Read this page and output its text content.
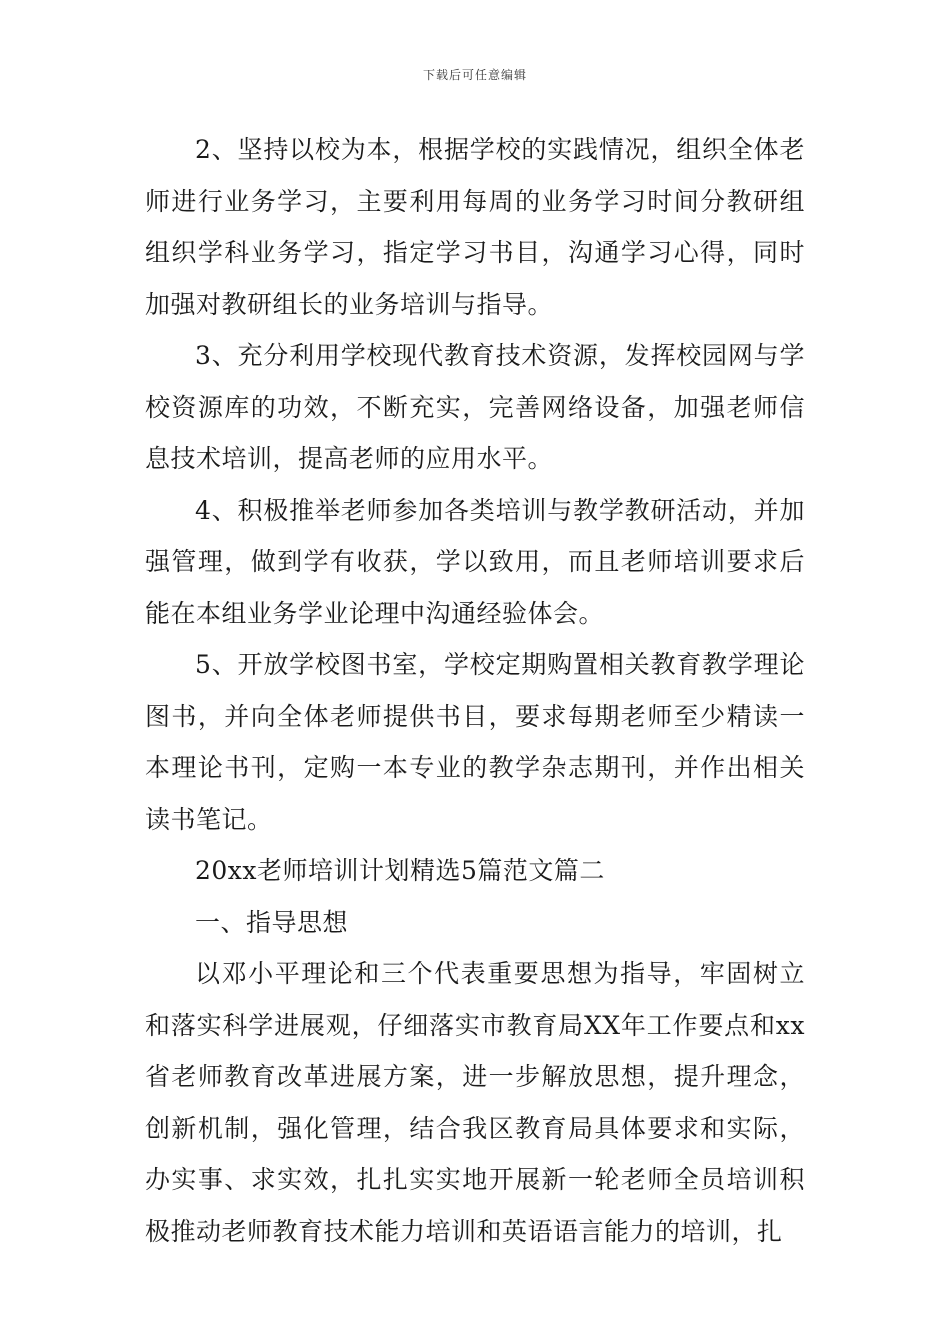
下载后可任意编辑

2、坚持以校为本，根据学校的实践情况，组织全体老师进行业务学习，主要利用每周的业务学习时间分教研组组织学科业务学习，指定学习书目，沟通学习心得，同时加强对教研组长的业务培训与指导。

3、充分利用学校现代教育技术资源，发挥校园网与学校资源库的功效，不断充实，完善网络设备，加强老师信息技术培训，提高老师的应用水平。

4、积极推举老师参加各类培训与教学教研活动，并加强管理，做到学有收获，学以致用，而且老师培训要求后能在本组业务学业论理中沟通经验体会。

5、开放学校图书室，学校定期购置相关教育教学理论图书，并向全体老师提供书目，要求每期老师至少精读一本理论书刊，定购一本专业的教学杂志期刊，并作出相关读书笔记。

20xx老师培训计划精选5篇范文篇二

一、指导思想

以邓小平理论和三个代表重要思想为指导，牢固树立和落实科学进展观，仔细落实市教育局XX年工作要点和xx省老师教育改革进展方案，进一步解放思想，提升理念，创新机制，强化管理，结合我区教育局具体要求和实际，办实事、求实效，扎扎实实地开展新一轮老师全员培训积极推动老师教育技术能力培训和英语语言能力的培训，扎
